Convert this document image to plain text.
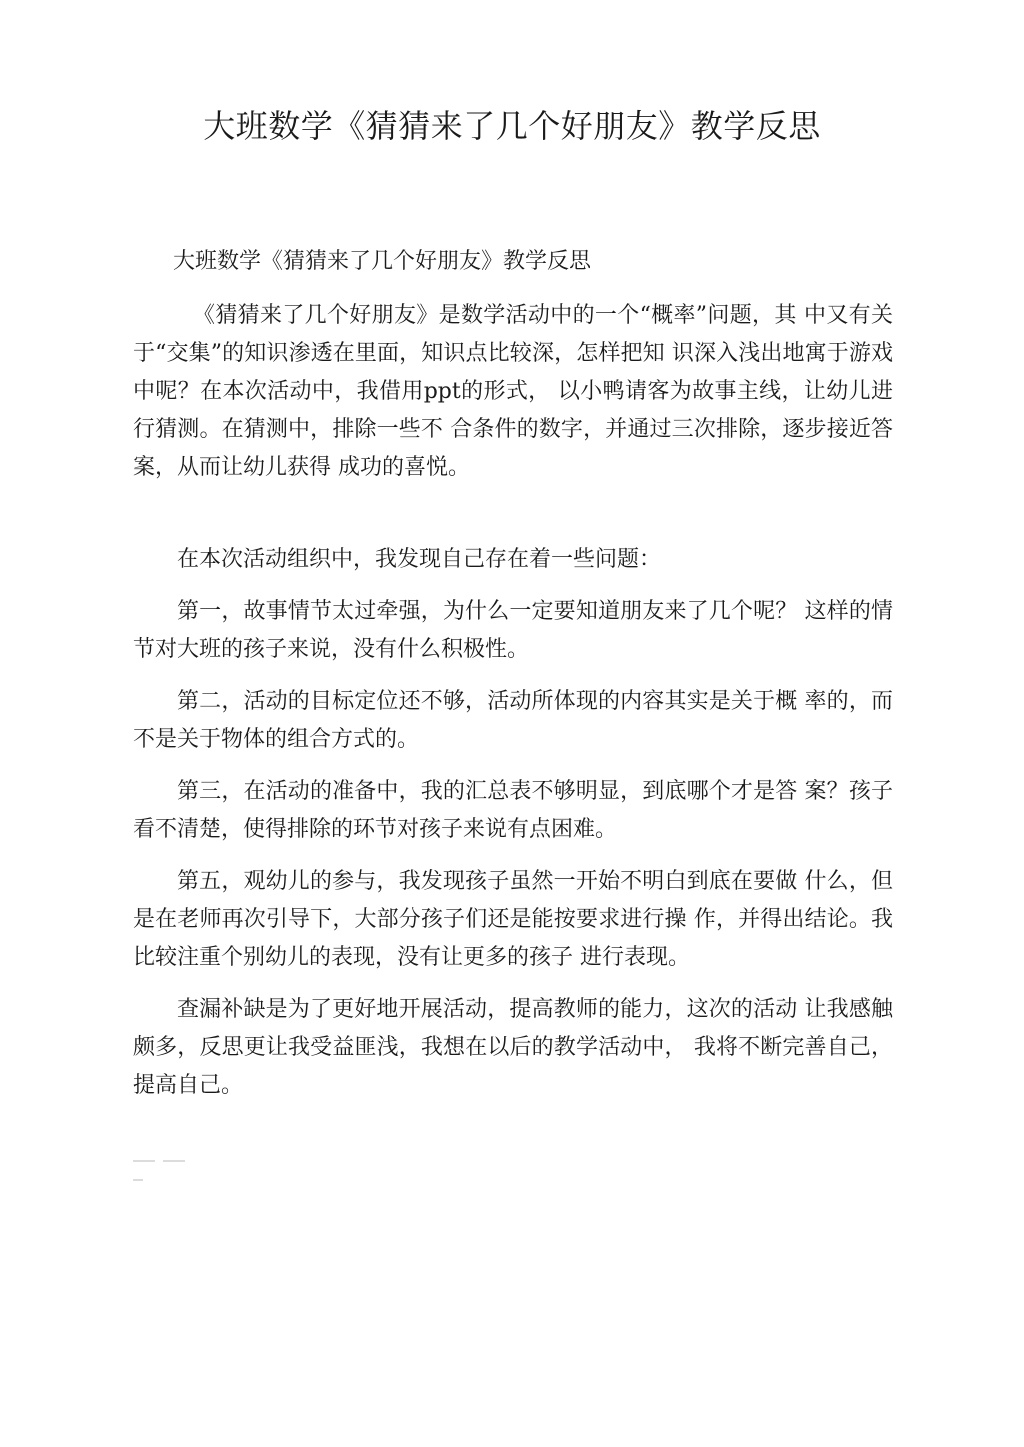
大班数学《猜猜来了几个好朋友》教学反思

大班数学《猜猜来了几个好朋友》教学反思

《猜猜来了几个好朋友》是数学活动中的一个“概率”问题，其 中又有关于“交集”的知识渗透在里面，知识点比较深，怎样把知 识深入浅出地寓于游戏中呢？在本次活动中，我借用ppt的形式， 以小鸭请客为故事主线，让幼儿进行猜测。在猜测中，排除一些不 合条件的数字，并通过三次排除，逐步接近答案，从而让幼儿获得 成功的喜悦。

在本次活动组织中，我发现自己存在着一些问题：

第一，故事情节太过牵强，为什么一定要知道朋友来了几个呢？ 这样的情节对大班的孩子来说，没有什么积极性。

第二，活动的目标定位还不够，活动所体现的内容其实是关于概 率的，而不是关于物体的组合方式的。

第三，在活动的准备中，我的汇总表不够明显，到底哪个才是答 案？孩子看不清楚，使得排除的环节对孩子来说有点困难。

第五，观幼儿的参与，我发现孩子虽然一开始不明白到底在要做 什么，但是在老师再次引导下，大部分孩子们还是能按要求进行操 作，并得出结论。我比较注重个别幼儿的表现，没有让更多的孩子 进行表现。

查漏补缺是为了更好地开展活动，提高教师的能力，这次的活动 让我感触颇多，反思更让我受益匪浅，我想在以后的教学活动中， 我将不断完善自己，提高自己。
